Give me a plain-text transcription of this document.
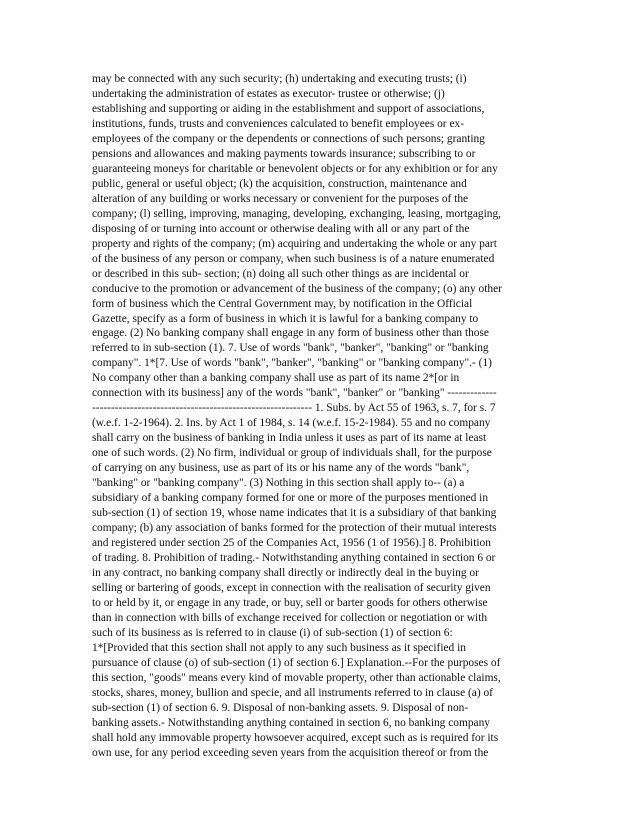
may be connected with any such security; (h) undertaking and executing trusts; (i)
undertaking the administration of estates as executor- trustee or otherwise; (j)
establishing and supporting or aiding in the establishment and support of associations,
institutions, funds, trusts and conveniences calculated to benefit employees or ex-
employees of the company or the dependents or connections of such persons; granting
pensions and allowances and making payments towards insurance; subscribing to or
guaranteeing moneys for charitable or benevolent objects or for any exhibition or for any
public, general or useful object; (k) the acquisition, construction, maintenance and
alteration of any building or works necessary or convenient for the purposes of the
company; (l) selling, improving, managing, developing, exchanging, leasing, mortgaging,
disposing of or turning into account or otherwise dealing with all or any part of the
property and rights of the company; (m) acquiring and undertaking the whole or any part
of the business of any person or company, when such business is of a nature enumerated
or described in this sub- section; (n) doing all such other things as are incidental or
conducive to the promotion or advancement of the business of the company; (o) any other
form of business which the Central Government may, by notification in the Official
Gazette, specify as a form of business in which it is lawful for a banking company to
engage. (2) No banking company shall engage in any form of business other than those
referred to in sub-section (1). 7. Use of words "bank", "banker", "banking" or "banking
company". 1*[7. Use of words "bank", "banker", "banking" or "banking company".- (1)
No company other than a banking company shall use as part of its name 2*[or in
connection with its business] any of the words "bank", "banker" or "banking" -------------
---------------------------------------------------------- 1. Subs. by Act 55 of 1963, s. 7, for s. 7
(w.e.f. 1-2-1964). 2. Ins. by Act 1 of 1984, s. 14 (w.e.f. 15-2-1984). 55 and no company
shall carry on the business of banking in India unless it uses as part of its name at least
one of such words. (2) No firm, individual or group of individuals shall, for the purpose
of carrying on any business, use as part of its or his name any of the words "bank",
"banking" or "banking company". (3) Nothing in this section shall apply to-- (a) a
subsidiary of a banking company formed for one or more of the purposes mentioned in
sub-section (1) of section 19, whose name indicates that it is a subsidiary of that banking
company; (b) any association of banks formed for the protection of their mutual interests
and registered under section 25 of the Companies Act, 1956 (1 of 1956).] 8. Prohibition
of trading. 8. Prohibition of trading.- Notwithstanding anything contained in section 6 or
in any contract, no banking company shall directly or indirectly deal in the buying or
selling or bartering of goods, except in connection with the realisation of security given
to or held by it, or engage in any trade, or buy, sell or barter goods for others otherwise
than in connection with bills of exchange received for collection or negotiation or with
such of its business as is referred to in clause (i) of sub-section (1) of section 6:
1*[Provided that this section shall not apply to any such business as it specified in
pursuance of clause (o) of sub-section (1) of section 6.] Explanation.--For the purposes of
this section, "goods" means every kind of movable property, other than actionable claims,
stocks, shares, money, bullion and specie, and all instruments referred to in clause (a) of
sub-section (1) of section 6. 9. Disposal of non-banking assets. 9. Disposal of non-
banking assets.- Notwithstanding anything contained in section 6, no banking company
shall hold any immovable property howsoever acquired, except such as is required for its
own use, for any period exceeding seven years from the acquisition thereof or from the
